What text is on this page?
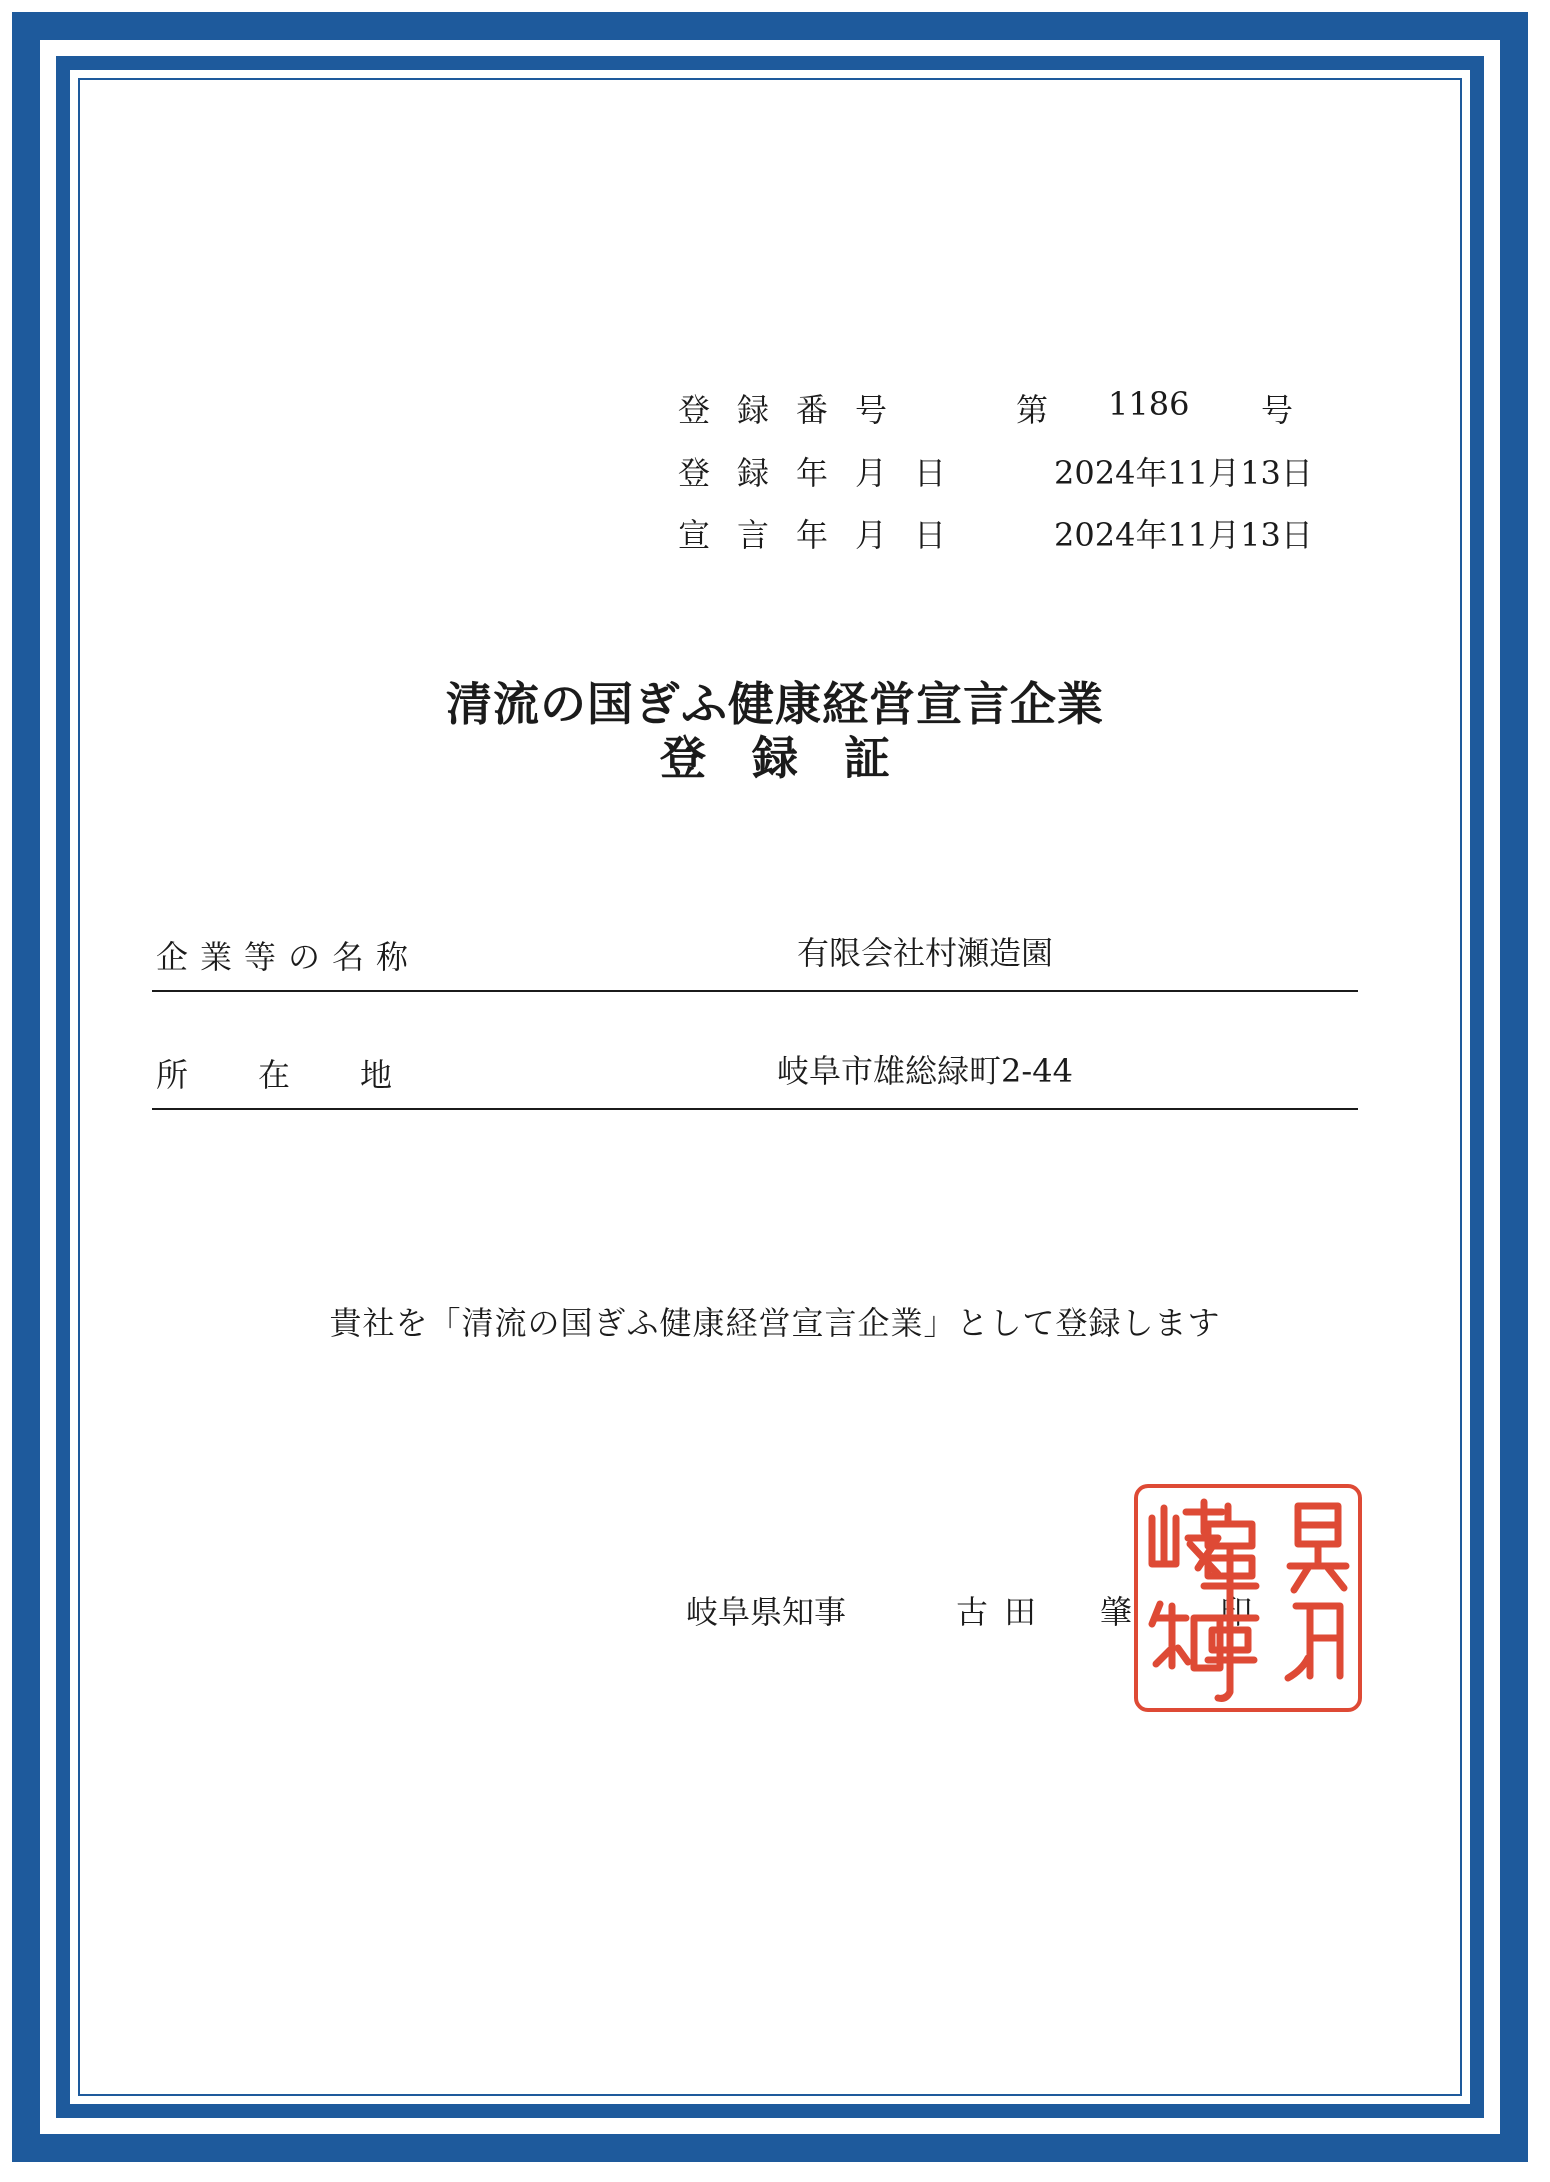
登録番号	第 1186 号
登録年月日	2024年11月13日
宣言年月日	2024年11月13日
清流の国ぎふ健康経営宣言企業
登録証
企業等の名称	有限会社村瀬造園
所在地	岐阜市雄総緑町2-44
貴社を「清流の国ぎふ健康経営宣言企業」として登録します
岐阜県知事	古田　肇 印
